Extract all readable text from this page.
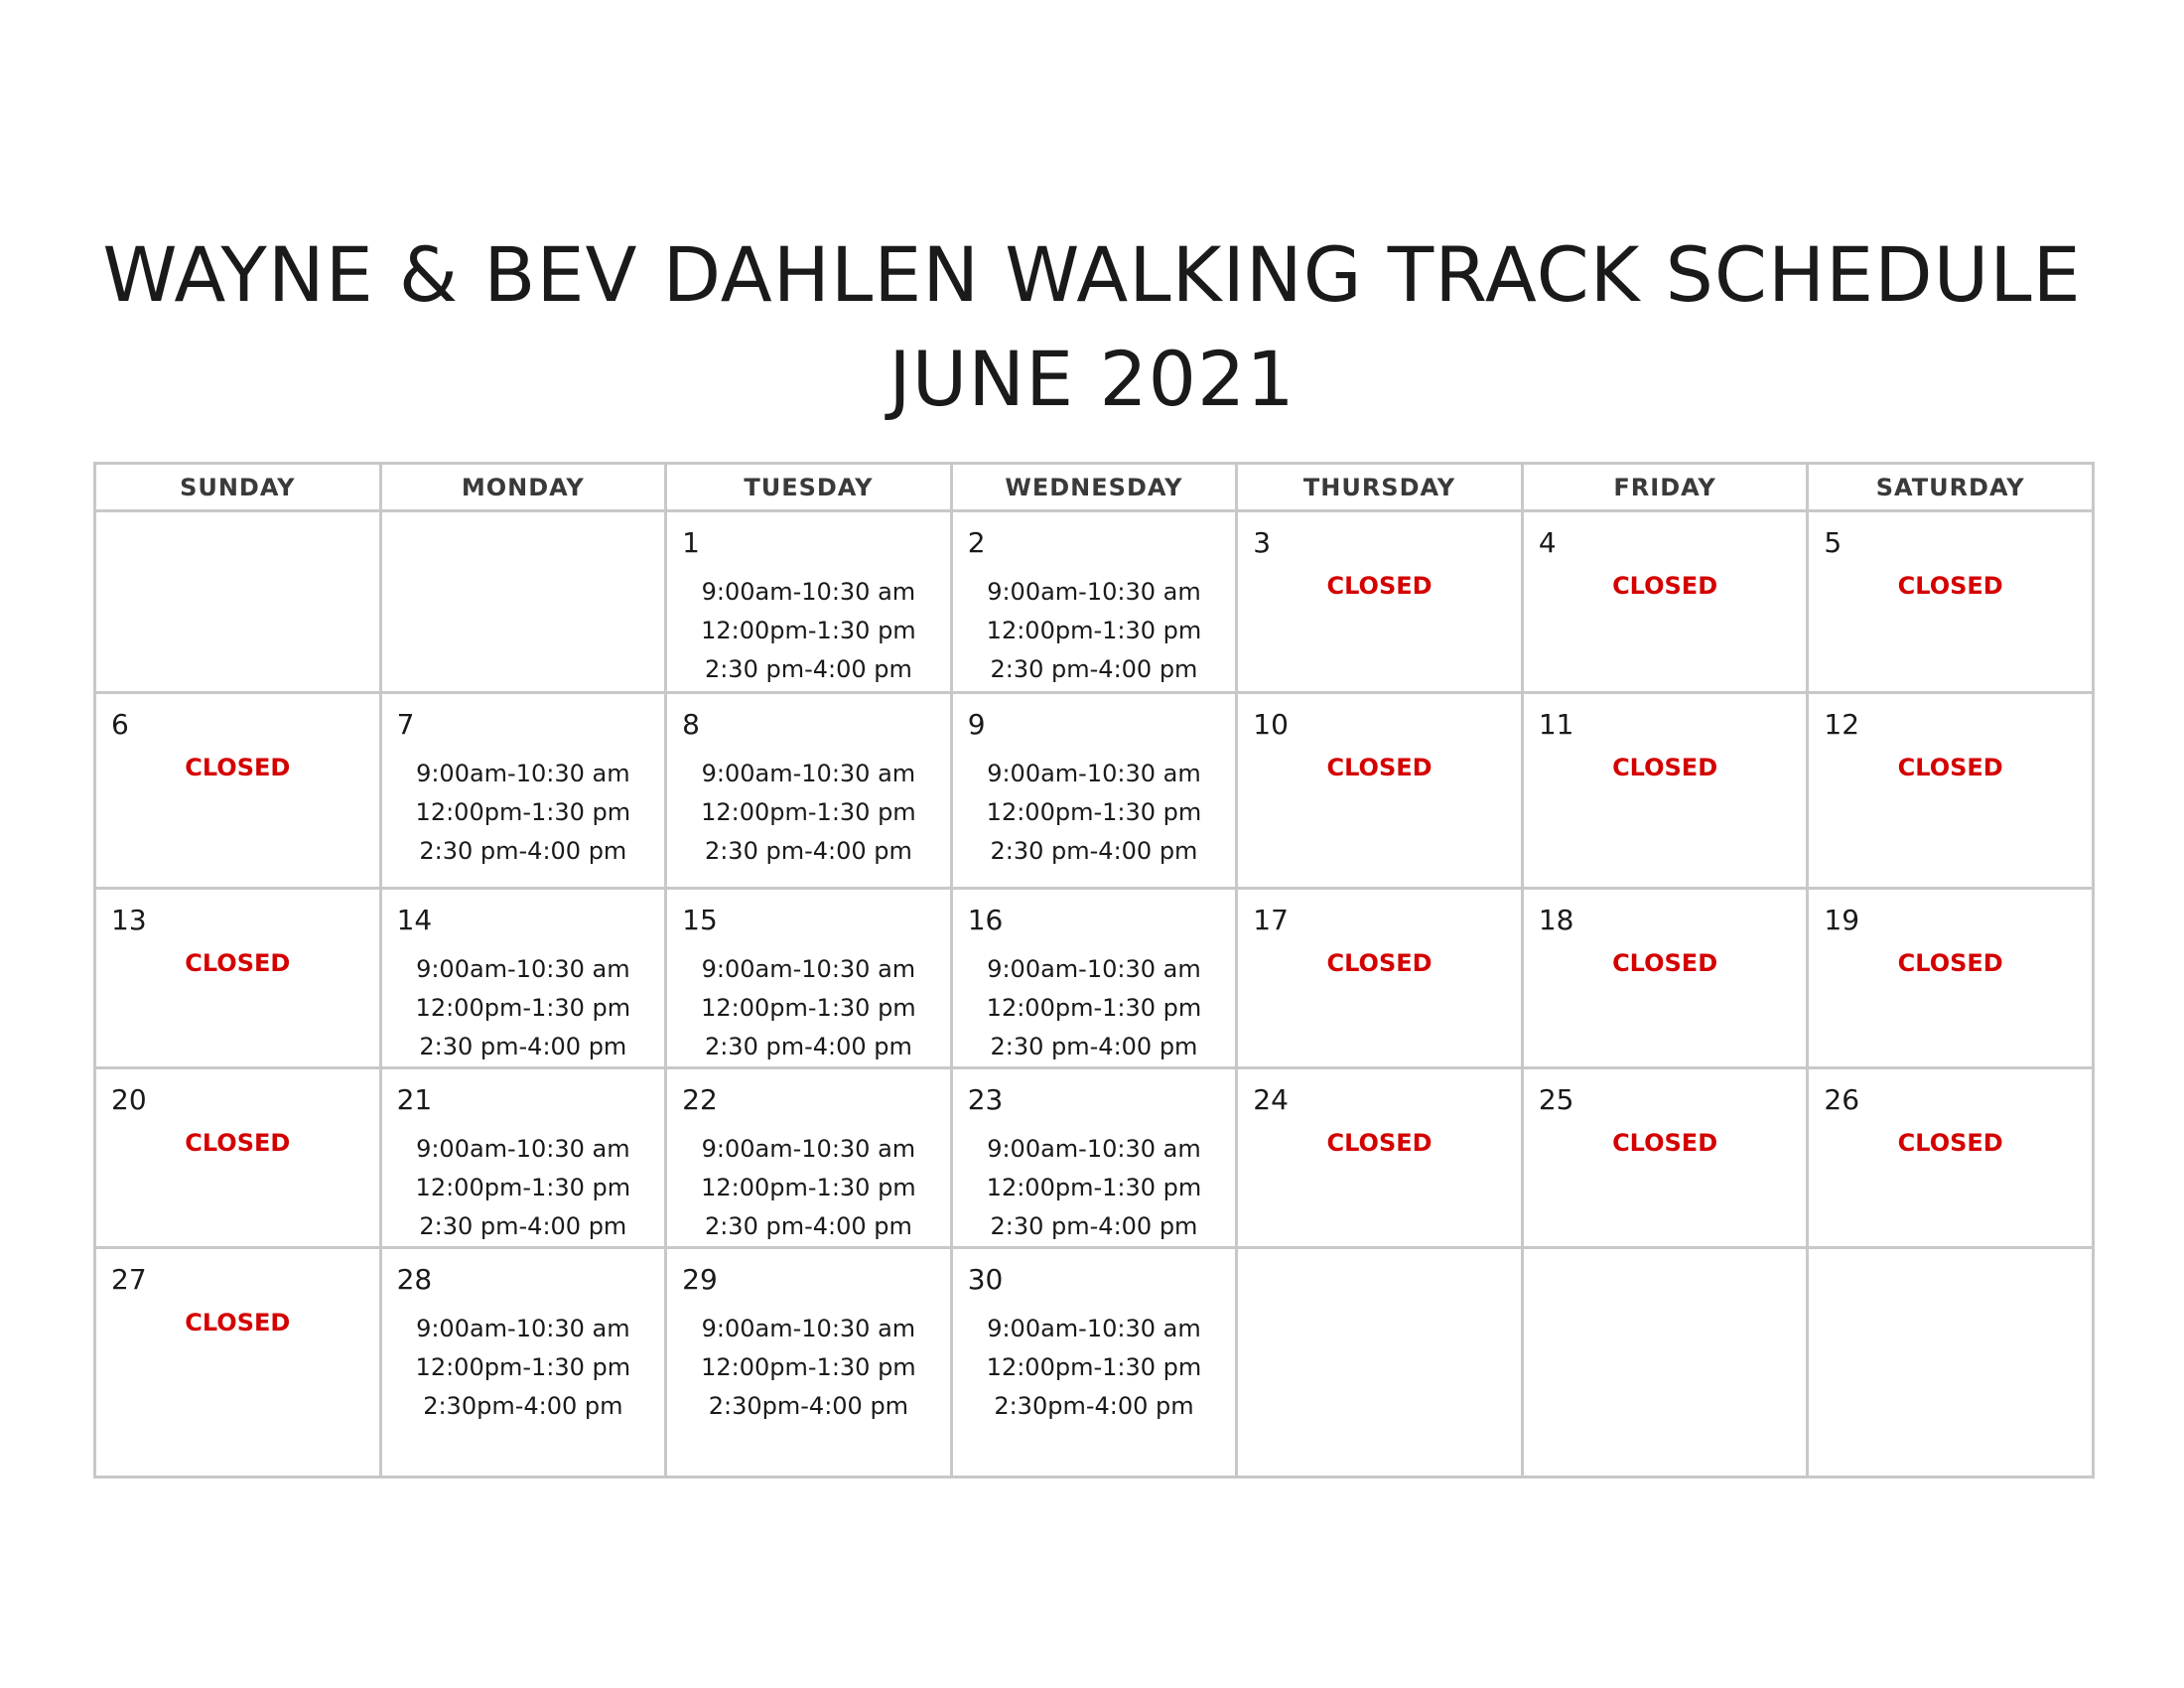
WAYNE & BEV DAHLEN WALKING TRACK SCHEDULE
JUNE 2021
SUNDAY	MONDAY	TUESDAY	WEDNESDAY	THURSDAY	FRIDAY	SATURDAY

		1
9:00am-10:30 am
12:00pm-1:30 pm
2:30 pm-4:00 pm	2
9:00am-10:30 am
12:00pm-1:30 pm
2:30 pm-4:00 pm	3
CLOSED	4
CLOSED	5
CLOSED

6
CLOSED	7
9:00am-10:30 am
12:00pm-1:30 pm
2:30 pm-4:00 pm	8
9:00am-10:30 am
12:00pm-1:30 pm
2:30 pm-4:00 pm	9
9:00am-10:30 am
12:00pm-1:30 pm
2:30 pm-4:00 pm	10
CLOSED	11
CLOSED	12
CLOSED

13
CLOSED	14
9:00am-10:30 am
12:00pm-1:30 pm
2:30 pm-4:00 pm	15
9:00am-10:30 am
12:00pm-1:30 pm
2:30 pm-4:00 pm	16
9:00am-10:30 am
12:00pm-1:30 pm
2:30 pm-4:00 pm	17
CLOSED	18
CLOSED	19
CLOSED

20
CLOSED	21
9:00am-10:30 am
12:00pm-1:30 pm
2:30 pm-4:00 pm	22
9:00am-10:30 am
12:00pm-1:30 pm
2:30 pm-4:00 pm	23
9:00am-10:30 am
12:00pm-1:30 pm
2:30 pm-4:00 pm	24
CLOSED	25
CLOSED	26
CLOSED

27
CLOSED	28
9:00am-10:30 am
12:00pm-1:30 pm
2:30pm-4:00 pm	29
9:00am-10:30 am
12:00pm-1:30 pm
2:30pm-4:00 pm	30
9:00am-10:30 am
12:00pm-1:30 pm
2:30pm-4:00 pm			
